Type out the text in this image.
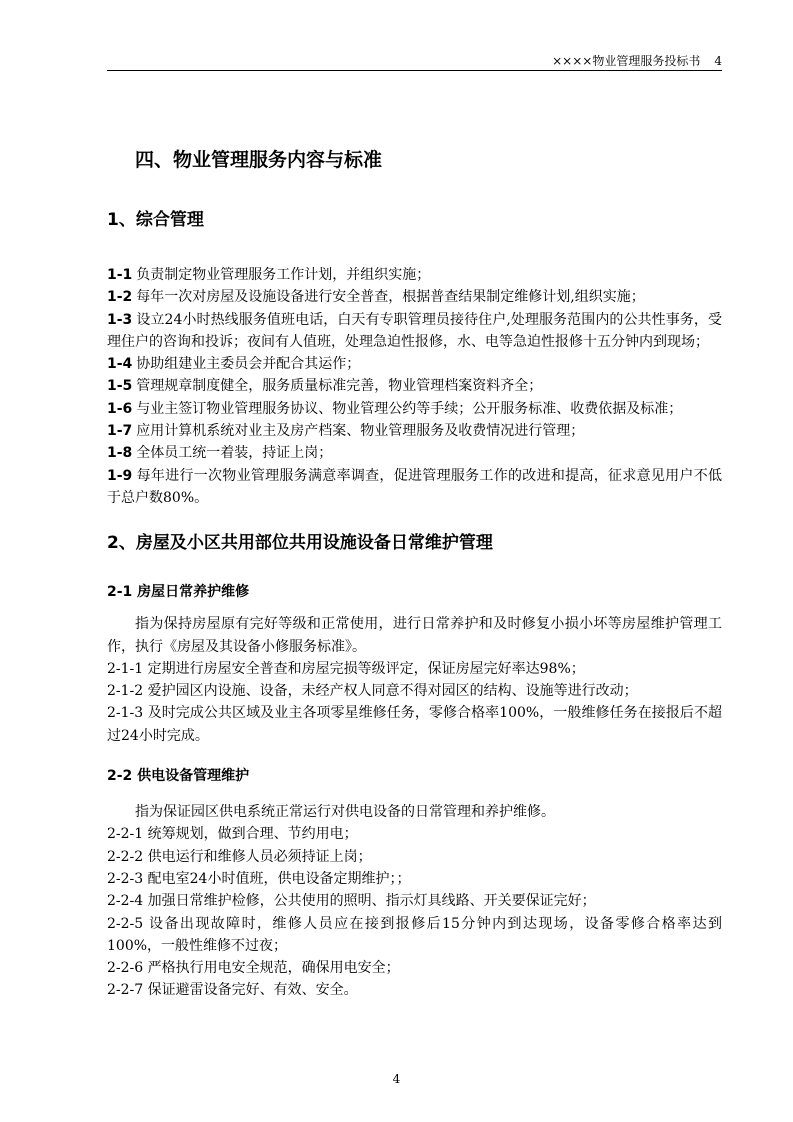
××××物业管理服务投标书 4
四、物业管理服务内容与标准
1、综合管理

1-1 负责制定物业管理服务工作计划，并组织实施；

1-2 每年一次对房屋及设施设备进行安全普查，根据普查结果制定维修计划,组织实施；

1-3 设立24小时热线服务值班电话，白天有专职管理员接待住户,处理服务范围内的公共性事务，受理住户的咨询和投诉；夜间有人值班，处理急迫性报修，水、电等急迫性报修十五分钟内到现场；

1-4 协助组建业主委员会并配合其运作；

1-5 管理规章制度健全，服务质量标准完善，物业管理档案资料齐全；

1-6 与业主签订物业管理服务协议、物业管理公约等手续；公开服务标准、收费依据及标准；

1-7 应用计算机系统对业主及房产档案、物业管理服务及收费情况进行管理；

1-8 全体员工统一着装，持证上岗；

1-9 每年进行一次物业管理服务满意率调查，促进管理服务工作的改进和提高，征求意见用户不低于总户数80%。

2、房屋及小区共用部位共用设施设备日常维护管理
2-1 房屋日常养护维修

指为保持房屋原有完好等级和正常使用，进行日常养护和及时修复小损小坏等房屋维护管理工作，执行《房屋及其设备小修服务标准》。

2-1-1 定期进行房屋安全普查和房屋完损等级评定，保证房屋完好率达98%；

2-1-2 爱护园区内设施、设备，未经产权人同意不得对园区的结构、设施等进行改动；

2-1-3 及时完成公共区域及业主各项零星维修任务，零修合格率100%，一般维修任务在接报后不超过24小时完成。

2-2 供电设备管理维护

指为保证园区供电系统正常运行对供电设备的日常管理和养护维修。

2-2-1 统筹规划，做到合理、节约用电；

2-2-2 供电运行和维修人员必须持证上岗；

2-2-3 配电室24小时值班，供电设备定期维护；；

2-2-4 加强日常维护检修，公共使用的照明、指示灯具线路、开关要保证完好；

2-2-5 设备出现故障时，维修人员应在接到报修后15分钟内到达现场，设备零修合格率达到100%，一般性维修不过夜；

2-2-6 严格执行用电安全规范，确保用电安全；

2-2-7 保证避雷设备完好、有效、安全。

4
